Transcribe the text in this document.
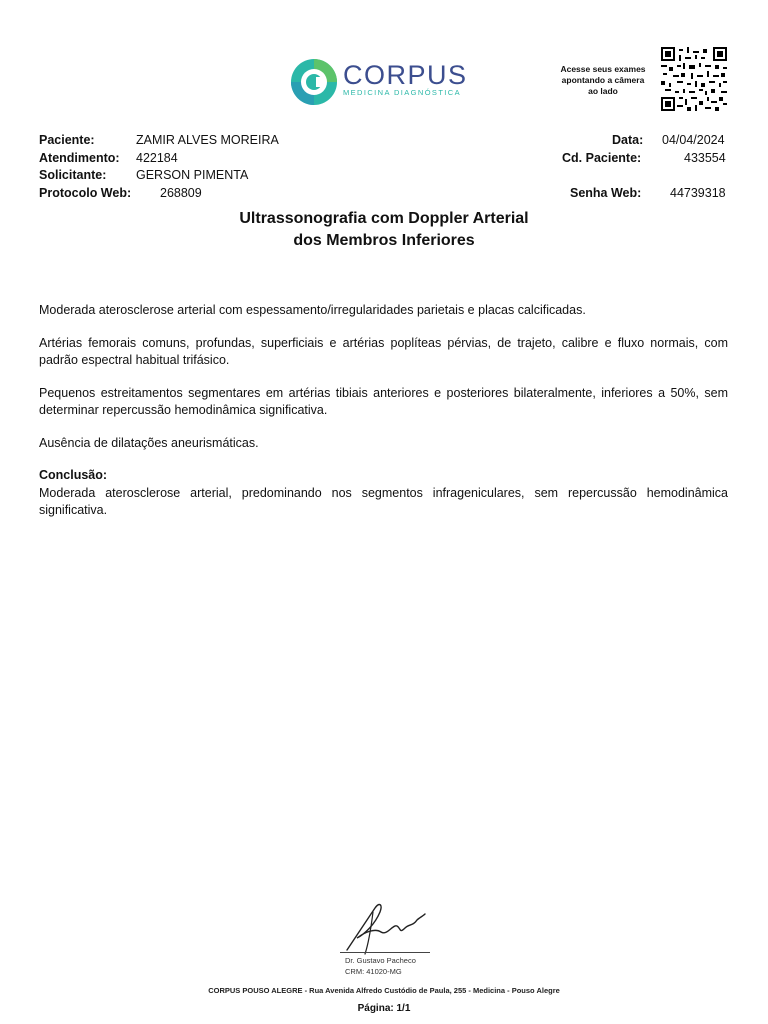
CORPUS
MEDICINA DIAGNÓSTICA
Acesse seus exames
apontando a câmera
ao lado
Paciente:	ZAMIR ALVES MOREIRA
Atendimento: 422184
Solicitante: GERSON PIMENTA
Protocolo Web: 268809
Data: 04/04/2024
Cd. Paciente:	433554
Senha Web: 44739318
Ultrassonografia com Doppler Arterial
dos Membros Inferiores
Moderada aterosclerose arterial com espessamento/irregularidades parietais e placas calcificadas.
Artérias femorais comuns, profundas, superficiais e artérias poplíteas pérvias, de trajeto, calibre e fluxo normais, com padrão espectral habitual trifásico.
Pequenos estreitamentos segmentares em artérias tibiais anteriores e posteriores bilateralmente, inferiores a 50%, sem determinar repercussão hemodinâmica significativa.
Ausência de dilatações aneurismáticas.
Conclusão:
Moderada aterosclerose arterial, predominando nos segmentos infrageniculares, sem repercussão hemodinâmica significativa.
Dr. Gustavo Pacheco
CRM: 41020-MG
CORPUS POUSO ALEGRE - Rua Avenida Alfredo Custódio de Paula, 255 - Medicina - Pouso Alegre
Página: 1/1
